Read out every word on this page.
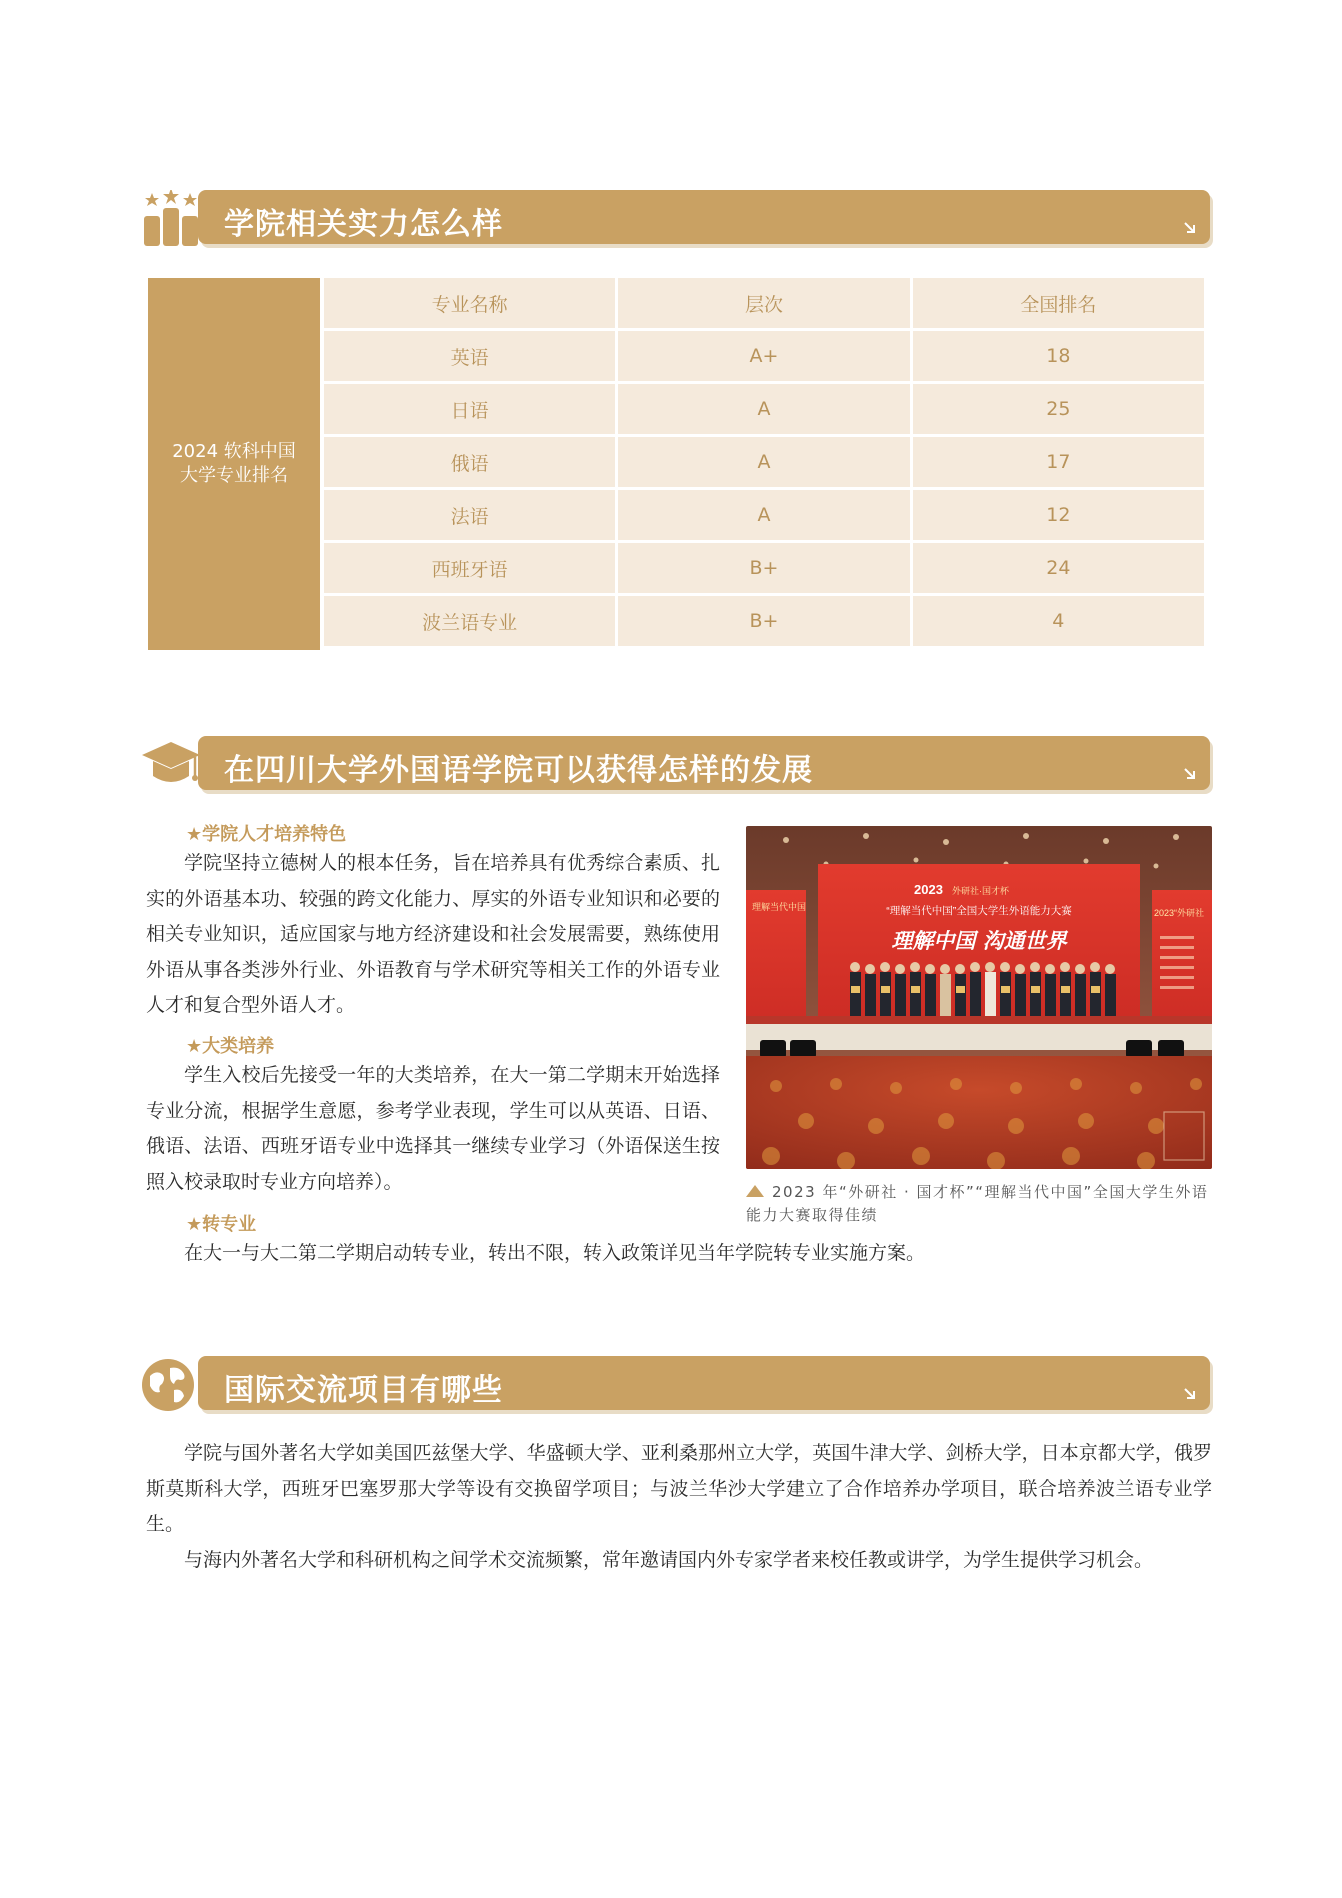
学院相关实力怎么样
2024 软科中国
大学专业排名
专业名称	层次	全国排名
英语	A+	18
日语	A	25
俄语	A	17
法语	A	12
西班牙语	B+	24
波兰语专业	B+	4
在四川大学外国语学院可以获得怎样的发展
★学院人才培养特色
学院坚持立德树人的根本任务，旨在培养具有优秀综合素质、扎实的外语基本功、较强的跨文化能力、厚实的外语专业知识和必要的相关专业知识，适应国家与地方经济建设和社会发展需要，熟练使用外语从事各类涉外行业、外语教育与学术研究等相关工作的外语专业人才和复合型外语人才。
★大类培养
学生入校后先接受一年的大类培养，在大一第二学期末开始选择专业分流，根据学生意愿，参考学业表现，学生可以从英语、日语、俄语、法语、西班牙语专业中选择其一继续专业学习（外语保送生按照入校录取时专业方向培养）。
★转专业
在大一与大二第二学期启动转专业，转出不限，转入政策详见当年学院转专业实施方案。
理解当代中国
2023“外研社
2023 外研社·国才杯
“理解当代中国”全国大学生外语能力大赛
理解中国 沟通世界
2023 年“外研社 · 国才杯”“理解当代中国”全国大学生外语能力大赛取得佳绩
国际交流项目有哪些
学院与国外著名大学如美国匹兹堡大学、华盛顿大学、亚利桑那州立大学，英国牛津大学、剑桥大学，日本京都大学，俄罗斯莫斯科大学，西班牙巴塞罗那大学等设有交换留学项目；与波兰华沙大学建立了合作培养办学项目，联合培养波兰语专业学生。
与海内外著名大学和科研机构之间学术交流频繁，常年邀请国内外专家学者来校任教或讲学，为学生提供学习机会。
